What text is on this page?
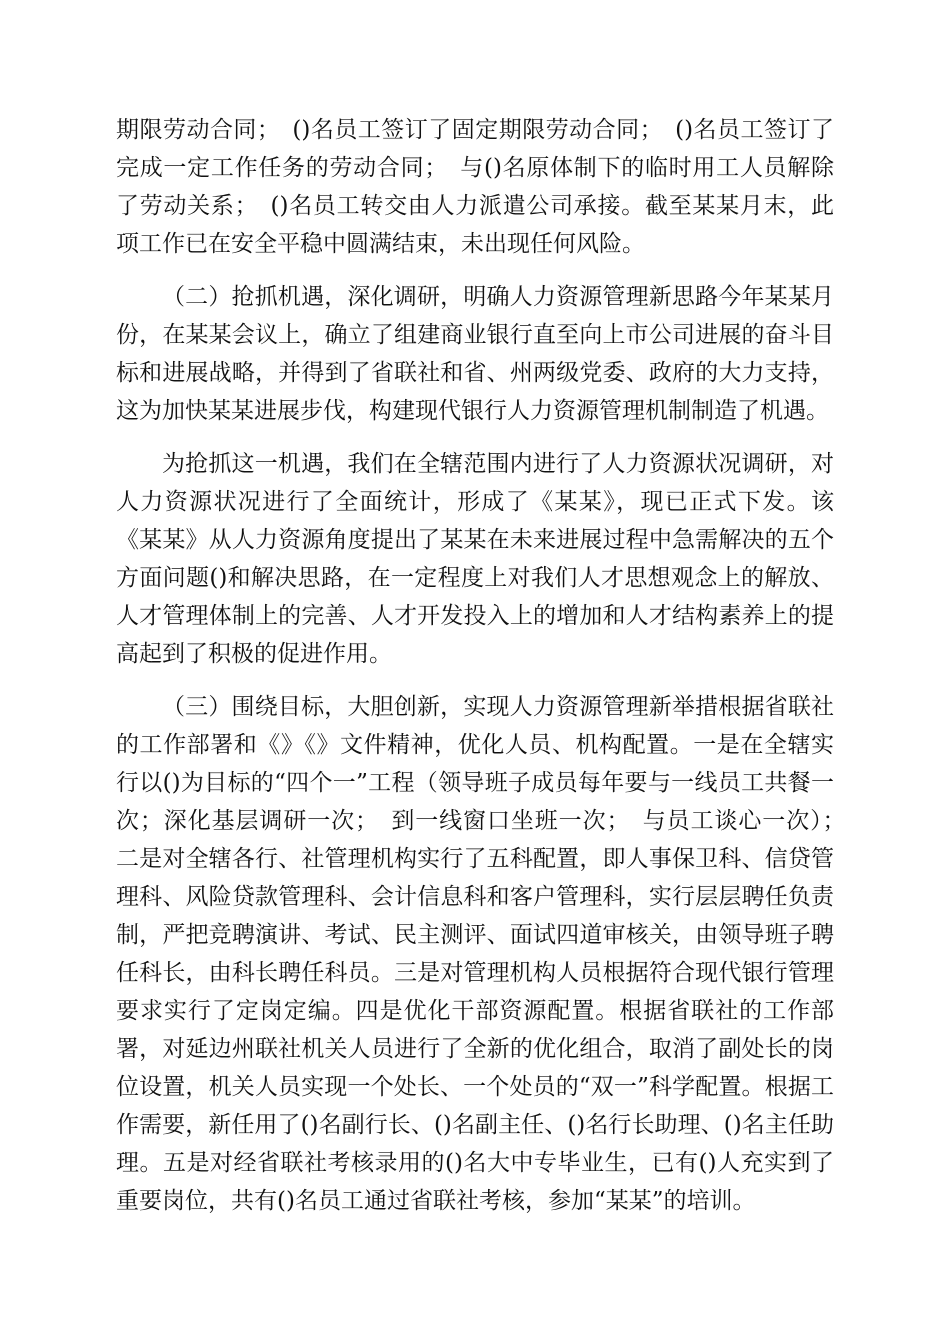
期限劳动合同；　()名员工签订了固定期限劳动合同；　()名员工签订了完成一定工作任务的劳动合同；　与()名原体制下的临时用工人员解除了劳动关系；　()名员工转交由人力派遣公司承接。截至某某月末，此项工作已在安全平稳中圆满结束，未出现任何风险。

（二）抢抓机遇，深化调研，明确人力资源管理新思路今年某某月份，在某某会议上，确立了组建商业银行直至向上市公司进展的奋斗目标和进展战略，并得到了省联社和省、州两级党委、政府的大力支持，这为加快某某进展步伐，构建现代银行人力资源管理机制制造了机遇。

为抢抓这一机遇，我们在全辖范围内进行了人力资源状况调研，对人力资源状况进行了全面统计，形成了《某某》，现已正式下发。该《某某》从人力资源角度提出了某某在未来进展过程中急需解决的五个方面问题()和解决思路，在一定程度上对我们人才思想观念上的解放、人才管理体制上的完善、人才开发投入上的增加和人才结构素养上的提高起到了积极的促进作用。

（三）围绕目标，大胆创新，实现人力资源管理新举措根据省联社的工作部署和《》《》文件精神，优化人员、机构配置。一是在全辖实行以()为目标的“四个一”工程（领导班子成员每年要与一线员工共餐一次；深化基层调研一次；　到一线窗口坐班一次；　与员工谈心一次）；　二是对全辖各行、社管理机构实行了五科配置，即人事保卫科、信贷管理科、风险贷款管理科、会计信息科和客户管理科，实行层层聘任负责制，严把竞聘演讲、考试、民主测评、面试四道审核关，由领导班子聘任科长，由科长聘任科员。三是对管理机构人员根据符合现代银行管理要求实行了定岗定编。四是优化干部资源配置。根据省联社的工作部署，对延边州联社机关人员进行了全新的优化组合，取消了副处长的岗位设置，机关人员实现一个处长、一个处员的“双一”科学配置。根据工作需要，新任用了()名副行长、()名副主任、()名行长助理、()名主任助理。五是对经省联社考核录用的()名大中专毕业生，已有()人充实到了重要岗位，共有()名员工通过省联社考核，参加“某某”的培训。
